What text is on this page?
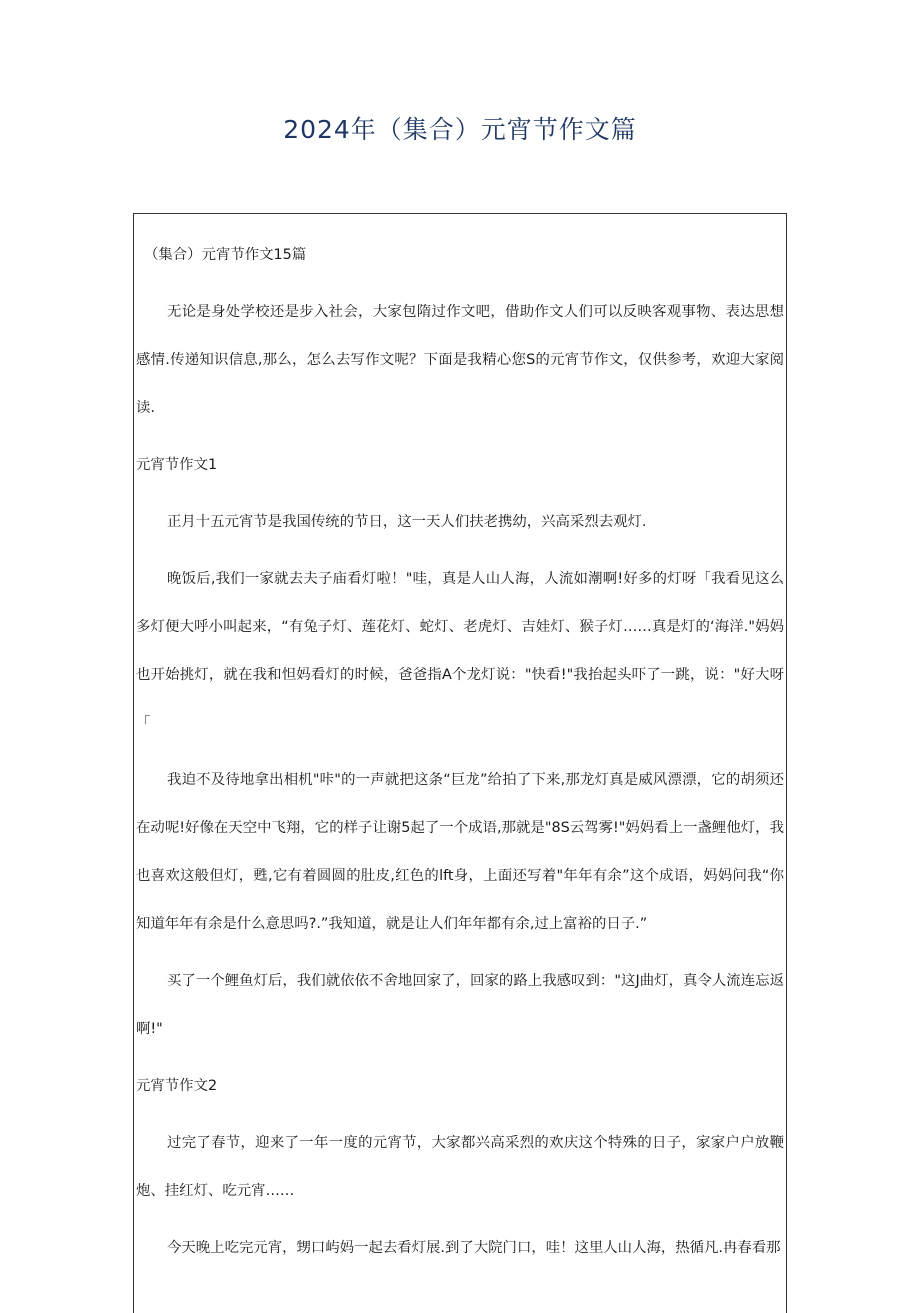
2024年（集合）元宵节作文篇

（集合）元宵节作文15篇

无论是身处学校还是步入社会，大家包隋过作文吧，借助作文人们可以反映客观事物、表达思想感情.传递知识信息,那么，怎么去写作文呢？下面是我精心您S的元宵节作文，仅供参考，欢迎大家阅读.

元宵节作文1

正月十五元宵节是我国传统的节日，这一天人们扶老携幼，兴高采烈去观灯.

晚饭后,我们一家就去夫子庙看灯啦！"哇，真是人山人海，人流如潮啊!好多的灯呀「我看见这么多灯便大呼小叫起来，“有兔子灯、莲花灯、蛇灯、老虎灯、吉娃灯、猴子灯……真是灯的‘海洋."妈妈也开始挑灯，就在我和怛妈看灯的时候，爸爸指A个龙灯说："快看!"我抬起头吓了一跳，说："好大呀「

我迫不及待地拿出相机"咔"的一声就把这条“巨龙”给拍了下来,那龙灯真是威风漂漂，它的胡须还在动呢!好像在天空中飞翔，它的样子让谢5起了一个成语,那就是"8S云驾雾!"妈妈看上一盏鲤他灯，我也喜欢这般但灯，甦,它有着圆圆的肚皮,红色的lft身，上面还写着"年年有余”这个成语，妈妈问我“你知道年年有余是什么意思吗?.”我知道，就是让人们年年都有余,过上富裕的日子.”

买了一个鲤鱼灯后，我们就依依不舍地回家了，回家的路上我感叹到："这J曲灯，真令人流连忘返啊!"

元宵节作文2

过完了春节，迎来了一年一度的元宵节，大家都兴高采烈的欢庆这个特殊的日子，家家户户放鞭炮、挂红灯、吃元宵……

今天晚上吃完元宵，甥口屿妈一起去看灯展.到了大院门口，哇！这里人山人海，热循凡.冉春看那
